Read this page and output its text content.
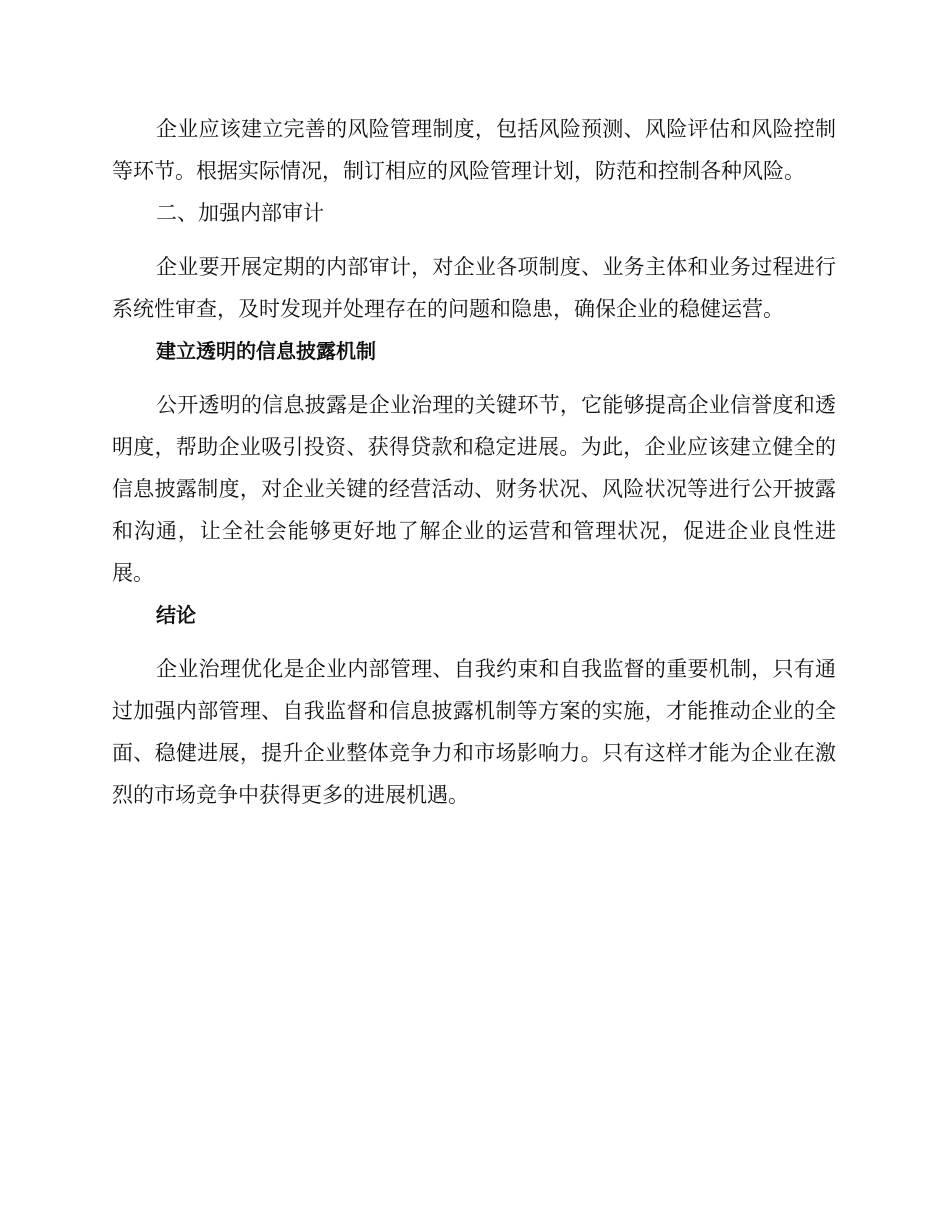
企业应该建立完善的风险管理制度，包括风险预测、风险评估和风险控制等环节。根据实际情况，制订相应的风险管理计划，防范和控制各种风险。

二、加强内部审计

企业要开展定期的内部审计，对企业各项制度、业务主体和业务过程进行系统性审查，及时发现并处理存在的问题和隐患，确保企业的稳健运营。

建立透明的信息披露机制

公开透明的信息披露是企业治理的关键环节，它能够提高企业信誉度和透明度，帮助企业吸引投资、获得贷款和稳定进展。为此，企业应该建立健全的信息披露制度，对企业关键的经营活动、财务状况、风险状况等进行公开披露和沟通，让全社会能够更好地了解企业的运营和管理状况，促进企业良性进展。

结论

企业治理优化是企业内部管理、自我约束和自我监督的重要机制，只有通过加强内部管理、自我监督和信息披露机制等方案的实施，才能推动企业的全面、稳健进展，提升企业整体竞争力和市场影响力。只有这样才能为企业在激烈的市场竞争中获得更多的进展机遇。
